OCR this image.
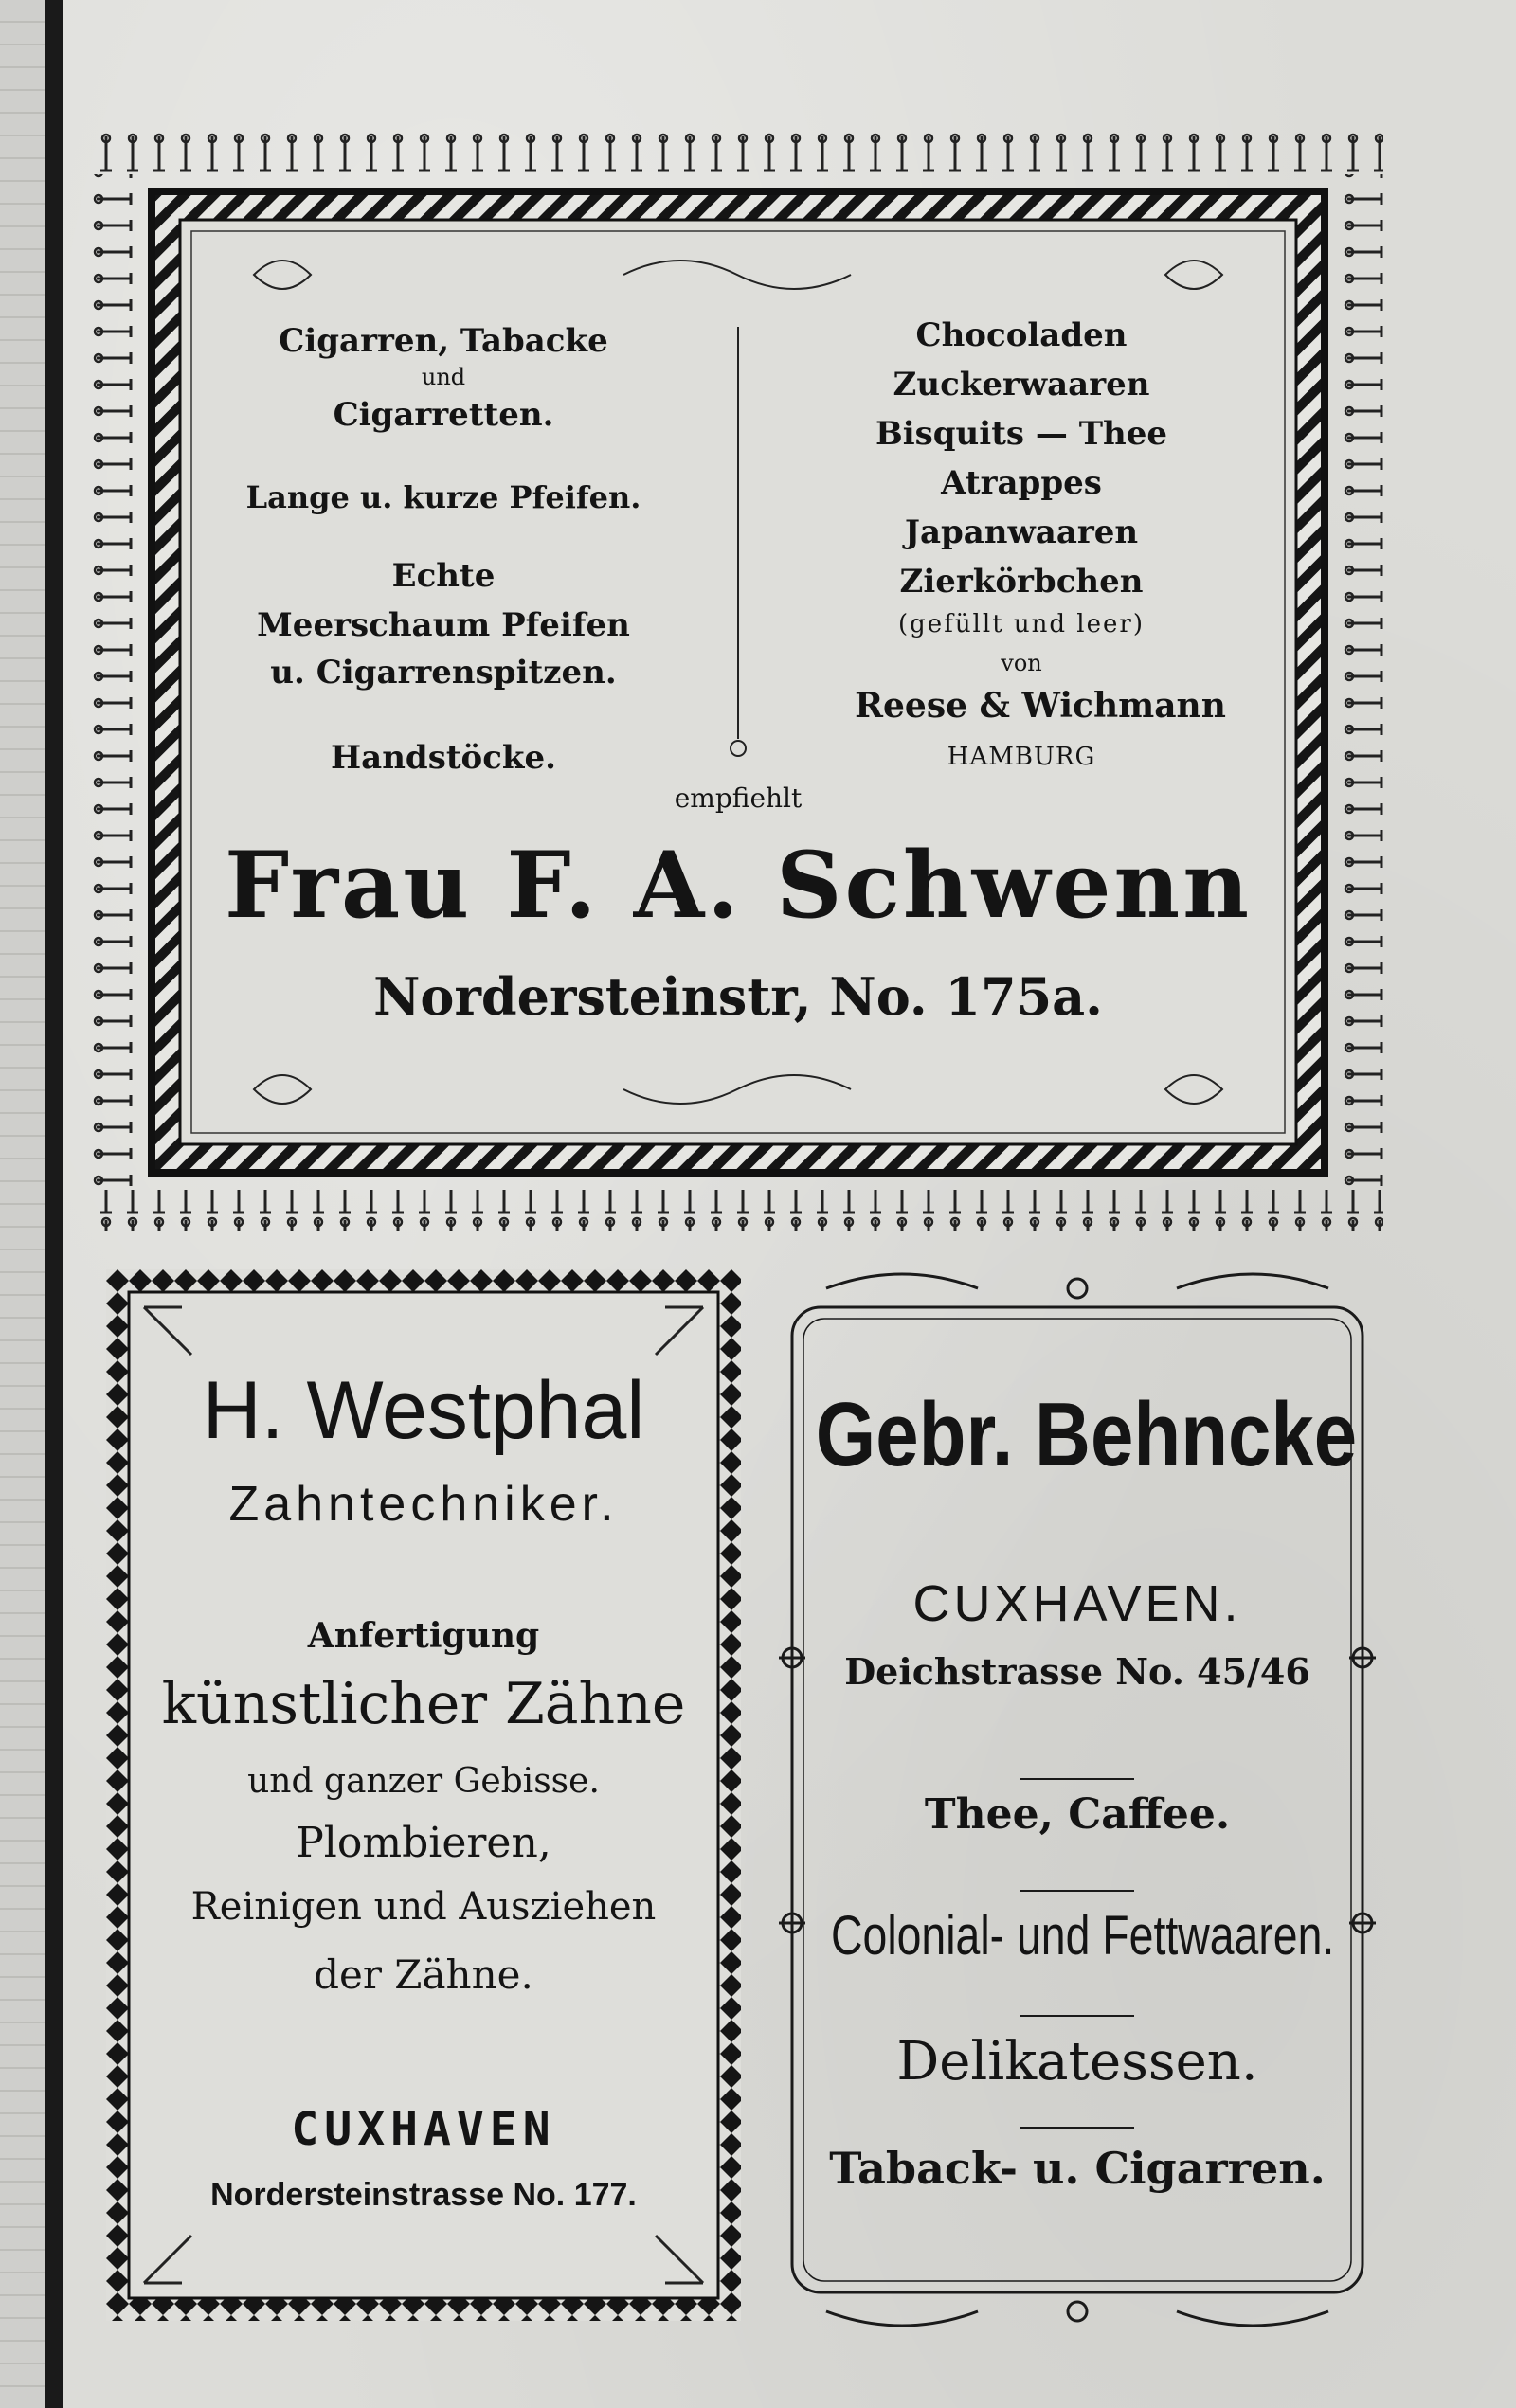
Cigarren, Tabacke
und
Cigarretten.
Lange u. kurze Pfeifen.
Echte
Meerschaum Pfeifen
u. Cigarrenspitzen.
Handstöcke.
Chocoladen
Zuckerwaaren
Bisquits — Thee
Atrappes
Japanwaaren
Zierkörbchen
(gefüllt und leer)
von
Reese & Wichmann
HAMBURG
empfiehlt
Frau F. A. Schwenn
Nordersteinstr, No. 175a.
H. Westphal
Zahntechniker.
Anfertigung
künstlicher Zähne
und ganzer Gebisse.
Plombieren,
Reinigen und Ausziehen
der Zähne.
CUXHAVEN
Nordersteinstrasse No. 177.
Gebr. Behncke
CUXHAVEN.
Deichstrasse No. 45/46
Thee, Caffee.
Colonial- und Fettwaaren.
Delikatessen.
Taback- u. Cigarren.
